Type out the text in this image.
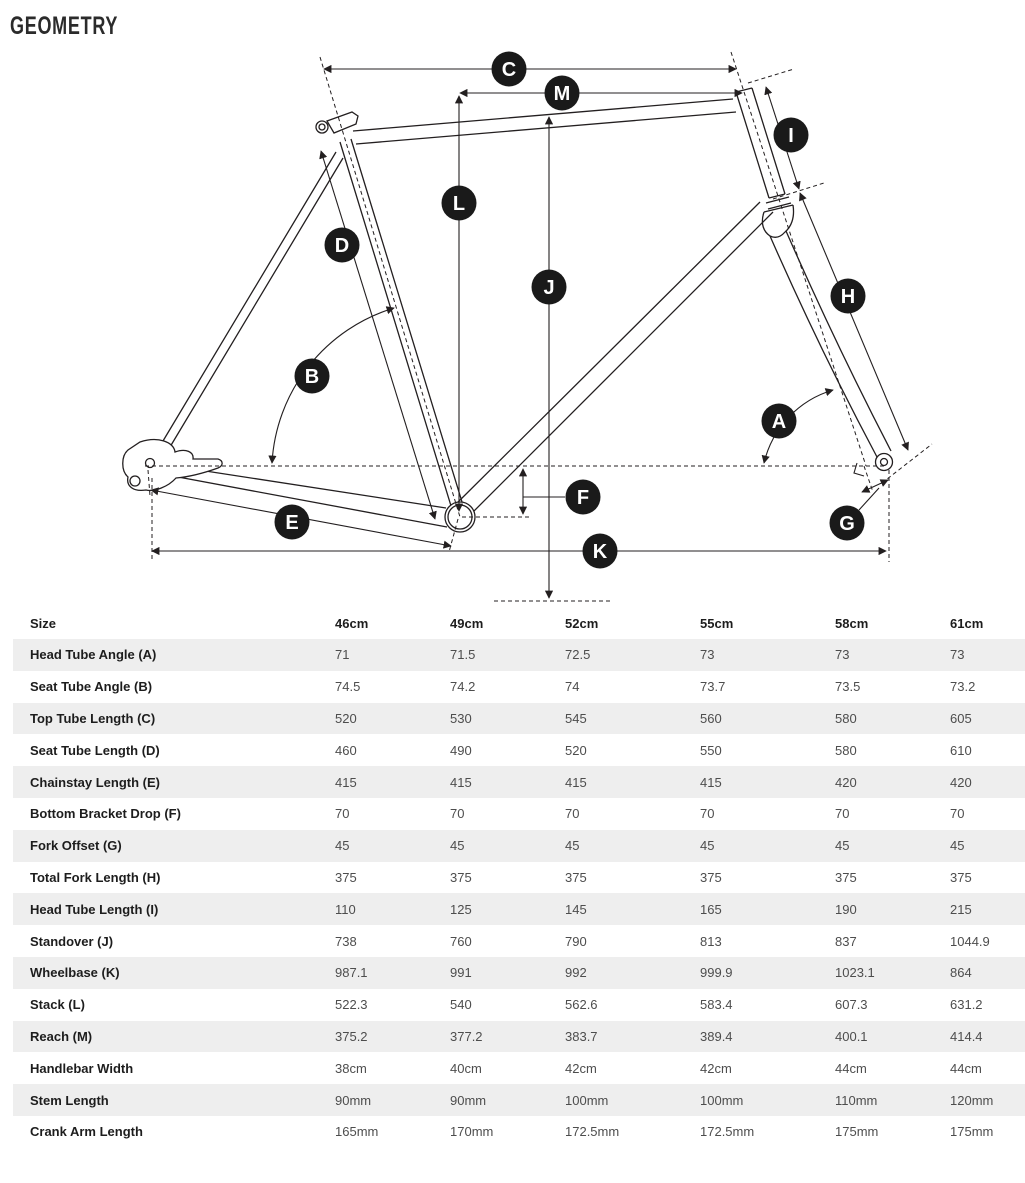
GEOMETRY
A
B
C
D
E
F
G
H
I
J
K
L
M
Size	46cm	49cm	52cm	55cm	58cm	61cm
Head Tube Angle (A)	71	71.5	72.5	73	73	73
Seat Tube Angle (B)	74.5	74.2	74	73.7	73.5	73.2
Top Tube Length (C)	520	530	545	560	580	605
Seat Tube Length (D)	460	490	520	550	580	610
Chainstay Length (E)	415	415	415	415	420	420
Bottom Bracket Drop (F)	70	70	70	70	70	70
Fork Offset (G)	45	45	45	45	45	45
Total Fork Length (H)	375	375	375	375	375	375
Head Tube Length (I)	110	125	145	165	190	215
Standover (J)	738	760	790	813	837	1044.9
Wheelbase (K)	987.1	991	992	999.9	1023.1	864
Stack (L)	522.3	540	562.6	583.4	607.3	631.2
Reach (M)	375.2	377.2	383.7	389.4	400.1	414.4
Handlebar Width	38cm	40cm	42cm	42cm	44cm	44cm
Stem Length	90mm	90mm	100mm	100mm	110mm	120mm
Crank Arm Length	165mm	170mm	172.5mm	172.5mm	175mm	175mm
